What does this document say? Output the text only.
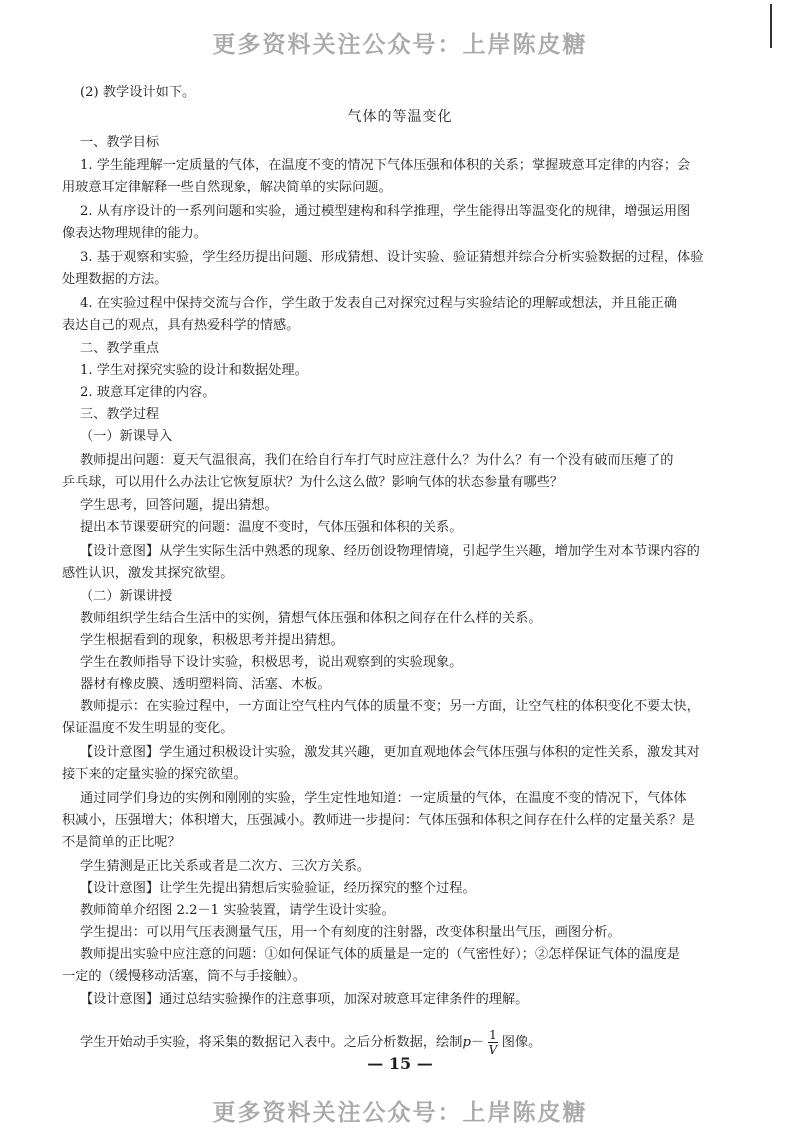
更多资料关注公众号：上岸陈皮糖
(2) 教学设计如下。
气体的等温变化
一、教学目标
1. 学生能理解一定质量的气体，在温度不变的情况下气体压强和体积的关系；掌握玻意耳定律的内容；会
用玻意耳定律解释一些自然现象，解决简单的实际问题。
2. 从有序设计的一系列问题和实验，通过模型建构和科学推理，学生能得出等温变化的规律，增强运用图
像表达物理规律的能力。
3. 基于观察和实验，学生经历提出问题、形成猜想、设计实验、验证猜想并综合分析实验数据的过程，体验
处理数据的方法。
4. 在实验过程中保持交流与合作，学生敢于发表自己对探究过程与实验结论的理解或想法，并且能正确
表达自己的观点，具有热爱科学的情感。
二、教学重点
1. 学生对探究实验的设计和数据处理。
2. 玻意耳定律的内容。
三、教学过程
（一）新课导入
教师提出问题：夏天气温很高，我们在给自行车打气时应注意什么？为什么？有一个没有破而压瘪了的
乒乓球，可以用什么办法让它恢复原状？为什么这么做？影响气体的状态参量有哪些？
学生思考，回答问题，提出猜想。
提出本节课要研究的问题：温度不变时，气体压强和体积的关系。
【设计意图】从学生实际生活中熟悉的现象、经历创设物理情境，引起学生兴趣，增加学生对本节课内容的
感性认识，激发其探究欲望。
（二）新课讲授
教师组织学生结合生活中的实例，猜想气体压强和体积之间存在什么样的关系。
学生根据看到的现象，积极思考并提出猜想。
学生在教师指导下设计实验，积极思考，说出观察到的实验现象。
器材有橡皮膜、透明塑料筒、活塞、木板。
教师提示：在实验过程中，一方面让空气柱内气体的质量不变；另一方面，让空气柱的体积变化不要太快，
保证温度不发生明显的变化。
【设计意图】学生通过积极设计实验，激发其兴趣，更加直观地体会气体压强与体积的定性关系，激发其对
接下来的定量实验的探究欲望。
通过同学们身边的实例和刚刚的实验，学生定性地知道：一定质量的气体，在温度不变的情况下，气体体
积减小，压强增大；体积增大，压强减小。教师进一步提问：气体压强和体积之间存在什么样的定量关系？是
不是简单的正比呢？
学生猜测是正比关系或者是二次方、三次方关系。
【设计意图】让学生先提出猜想后实验验证，经历探究的整个过程。
教师简单介绍图 2.2－1 实验装置，请学生设计实验。
学生提出：可以用气压表测量气压，用一个有刻度的注射器，改变体积量出气压，画图分析。
教师提出实验中应注意的问题：①如何保证气体的质量是一定的（气密性好）；②怎样保证气体的温度是
一定的（缓慢移动活塞，筒不与手接触）。
【设计意图】通过总结实验操作的注意事项，加深对玻意耳定律条件的理解。
学生开始动手实验，将采集的数据记入表中。之后分析数据，绘制$p- \frac{1}{V}$ 图像。
— 15 —
更多资料关注公众号：上岸陈皮糖
